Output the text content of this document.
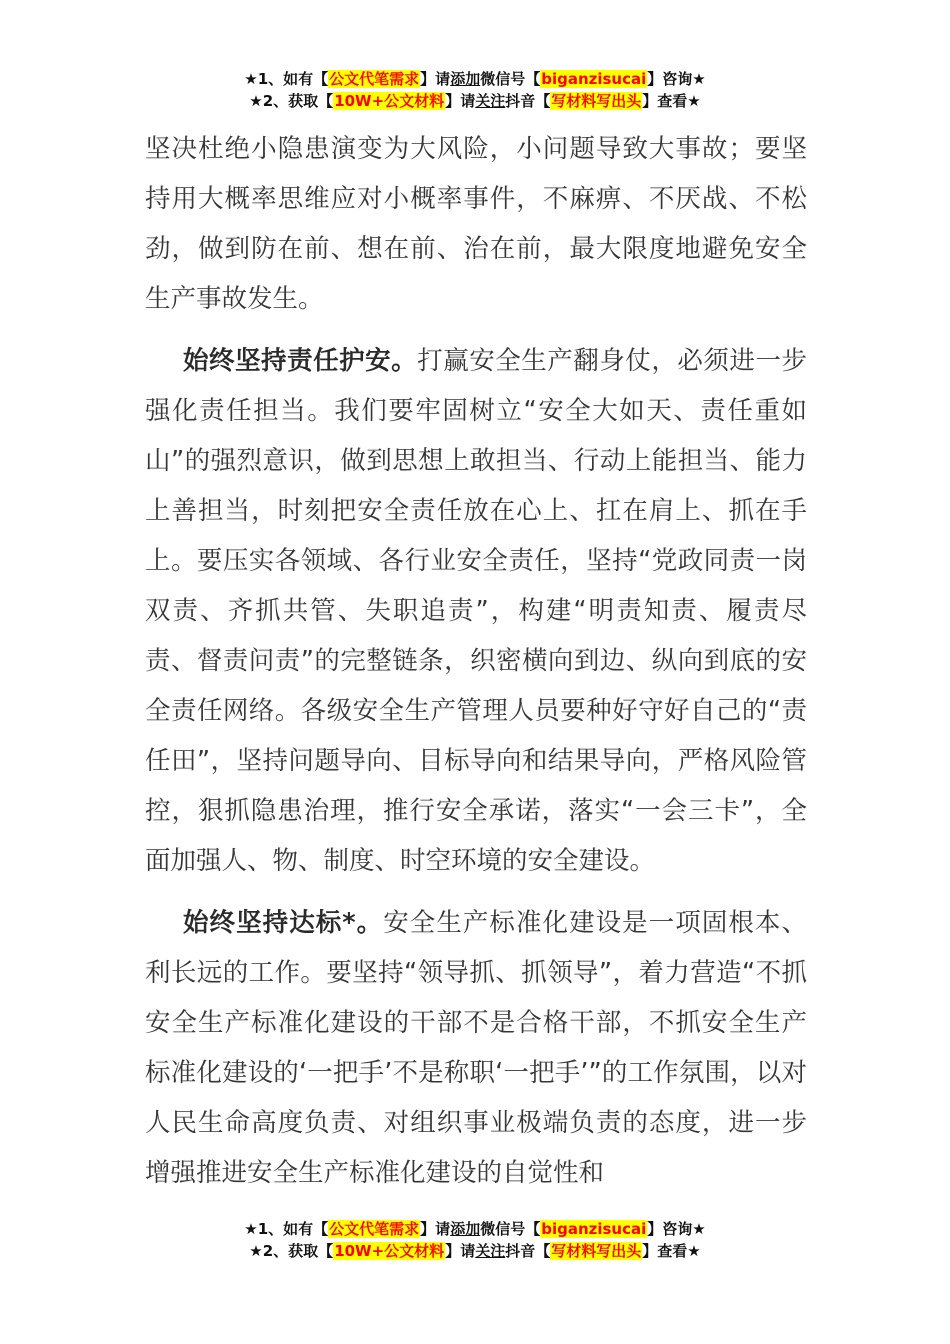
★1、如有【公文代笔需求】请添加微信号【biganzisucai】咨询★
★2、获取【10W+公文材料】请关注抖音【写材料写出头】查看★

坚决杜绝小隐患演变为大风险，小问题导致大事故；要坚持用大概率思维应对小概率事件，不麻痹、不厌战、不松劲，做到防在前、想在前、治在前，最大限度地避免安全生产事故发生。

始终坚持责任护安。打赢安全生产翻身仗，必须进一步强化责任担当。我们要牢固树立“安全大如天、责任重如山”的强烈意识，做到思想上敢担当、行动上能担当、能力上善担当，时刻把安全责任放在心上、扛在肩上、抓在手上。要压实各领域、各行业安全责任，坚持“党政同责一岗双责、齐抓共管、失职追责”，构建“明责知责、履责尽责、督责问责”的完整链条，织密横向到边、纵向到底的安全责任网络。各级安全生产管理人员要种好守好自己的“责任田”，坚持问题导向、目标导向和结果导向，严格风险管控，狠抓隐患治理，推行安全承诺，落实“一会三卡”，全面加强人、物、制度、时空环境的安全建设。

始终坚持达标*。安全生产标准化建设是一项固根本、利长远的工作。要坚持“领导抓、抓领导”，着力营造“不抓安全生产标准化建设的干部不是合格干部，不抓安全生产标准化建设的‘一把手’不是称职‘一把手’”的工作氛围，以对人民生命高度负责、对组织事业极端负责的态度，进一步增强推进安全生产标准化建设的自觉性和

★1、如有【公文代笔需求】请添加微信号【biganzisucai】咨询★
★2、获取【10W+公文材料】请关注抖音【写材料写出头】查看★
